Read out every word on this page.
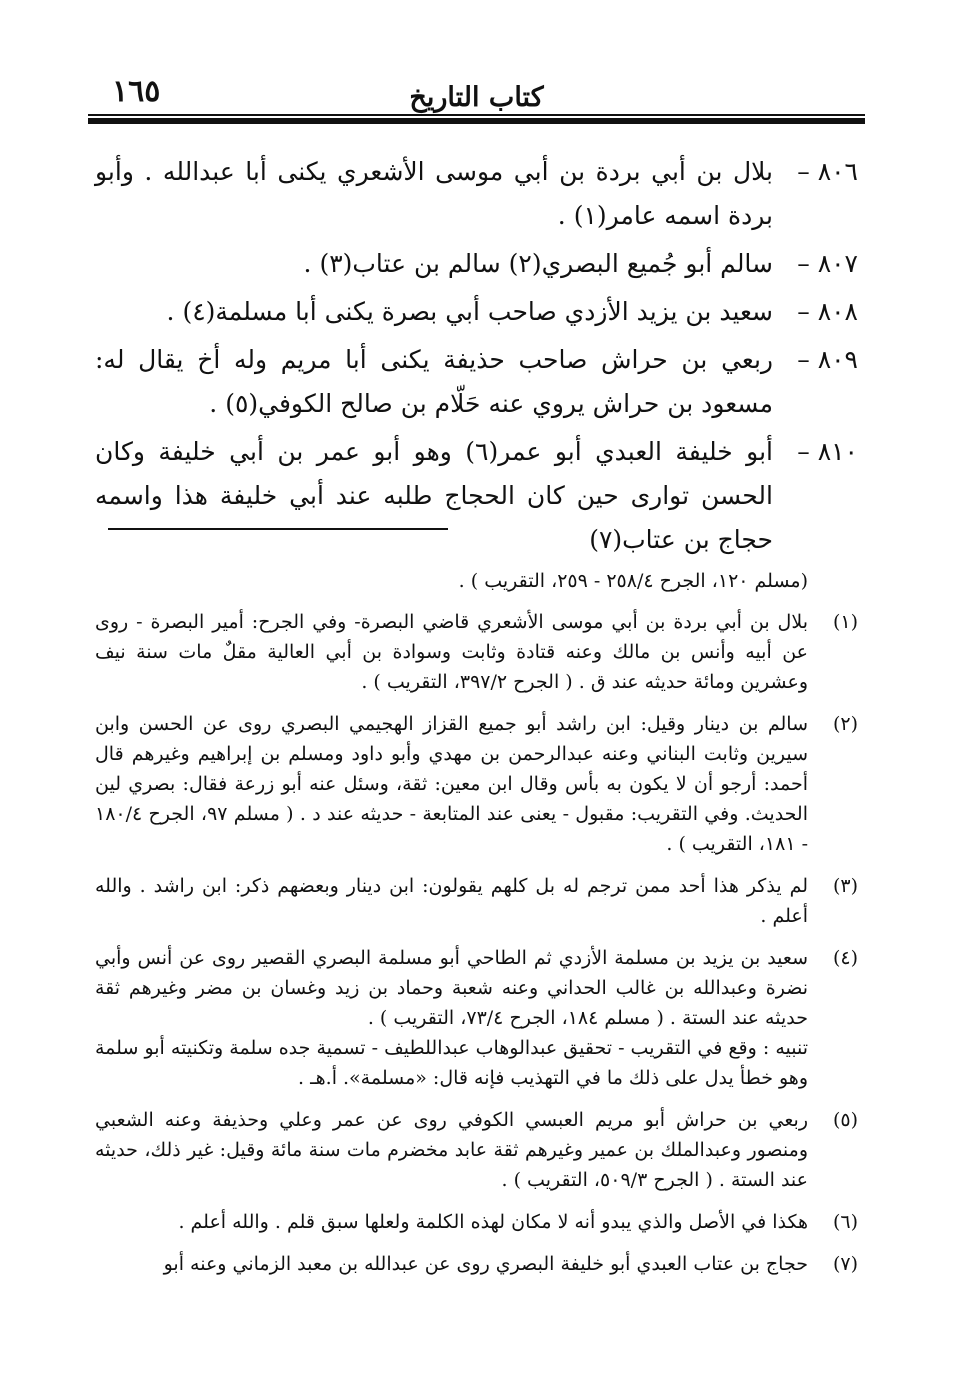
١٦٥	كتاب التاريخ
٨٠٦ –
بلال بن أبي بردة بن أبي موسى الأشعري يكنى أبا عبدالله . وأبو بردة اسمه عامر(١) .
٨٠٧ –
سالم أبو جُميع البصري(٢) سالم بن عتاب(٣) .
٨٠٨ –
سعيد بن يزيد الأزدي صاحب أبي بصرة يكنى أبا مسلمة(٤) .
٨٠٩ –
ربعي بن حراش صاحب حذيفة يكنى أبا مريم وله أخ يقال له: مسعود بن حراش يروي عنه حَلّام بن صالح الكوفي(٥) .
٨١٠ –
أبو خليفة العبدي أبو عمر(٦) وهو أبو عمر بن أبي خليفة وكان الحسن توارى حين كان الحجاج طلبه عند أبي خليفة هذا واسمه حجاج بن عتاب(٧)
(مسلم ١٢٠، الجرح ٢٥٨/٤ - ٢٥٩، التقريب ) .
(١)
بلال بن أبي بردة بن أبي موسى الأشعري قاضي البصرة- وفي الجرح: أمير البصرة - روى عن أبيه وأنس بن مالك وعنه قتادة وثابت وسوادة بن أبي العالية مقلٌ مات سنة نيف وعشرين ومائة حديثه عند ق . ( الجرح ٣٩٧/٢، التقريب ) .
(٢)
سالم بن دينار وقيل: ابن راشد أبو جميع القزاز الهجيمي البصري روى عن الحسن وابن سيرين وثابت البناني وعنه عبدالرحمن بن مهدي وأبو داود ومسلم بن إبراهيم وغيرهم قال أحمد: أرجو أن لا يكون به بأس وقال ابن معين: ثقة، وسئل عنه أبو زرعة فقال: بصري لين الحديث. وفي التقريب: مقبول - يعنى عند المتابعة - حديثه عند د . ( مسلم ٩٧، الجرح ١٨٠/٤ - ١٨١، التقريب ) .
(٣)
لم يذكر هذا أحد ممن ترجم له بل كلهم يقولون: ابن دينار وبعضهم ذكر: ابن راشد . والله أعلم .
(٤)
سعيد بن يزيد بن مسلمة الأزدي ثم الطاحي أبو مسلمة البصري القصير روى عن أنس وأبي نضرة وعبدالله بن غالب الحداني وعنه شعبة وحماد بن زيد وغسان بن مضر وغيرهم ثقة حديثه عند الستة . ( مسلم ١٨٤، الجرح ٧٣/٤، التقريب ) .
تنبيه : وقع في التقريب - تحقيق عبدالوهاب عبداللطيف - تسمية جده سلمة وتكنيته أبو سلمة وهو خطأ يدل على ذلك ما في التهذيب فإنه قال: «مسلمة». أ.هـ .
(٥)
ربعي بن حراش أبو مريم العبسي الكوفي روى عن عمر وعلي وحذيفة وعنه الشعبي ومنصور وعبدالملك بن عمير وغيرهم ثقة عابد مخضرم مات سنة مائة وقيل: غير ذلك، حديثه عند الستة . ( الجرح ٥٠٩/٣، التقريب ) .
(٦)
هكذا في الأصل والذي يبدو أنه لا مكان لهذه الكلمة ولعلها سبق قلم . والله أعلم .
(٧)
حجاج بن عتاب العبدي أبو خليفة البصري روى عن عبدالله بن معبد الزماني وعنه أبو
